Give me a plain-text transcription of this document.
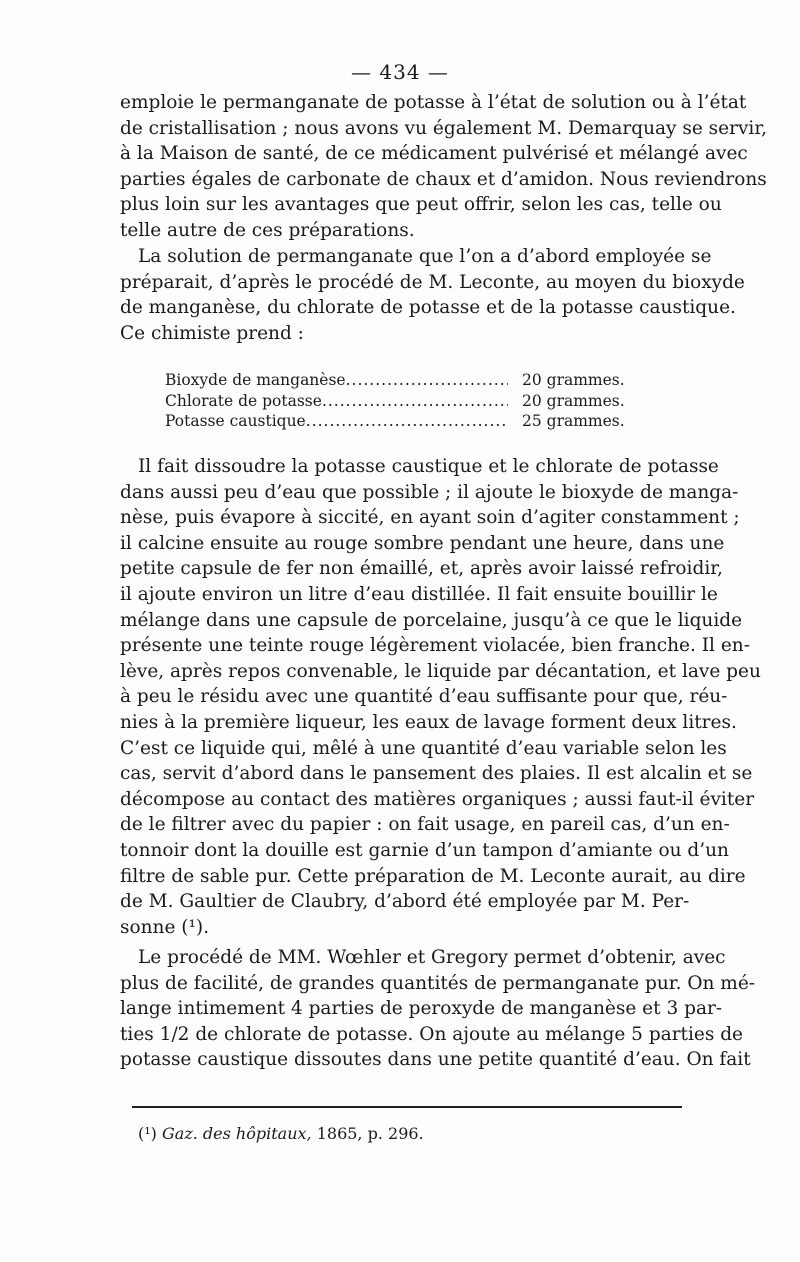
— 434 —
emploie le permanganate de potasse à l’état de solution ou à l’état
de cristallisation ; nous avons vu également M. Demarquay se servir,
à la Maison de santé, de ce médicament pulvérisé et mélangé avec
parties égales de carbonate de chaux et d’amidon. Nous reviendrons
plus loin sur les avantages que peut offrir, selon les cas, telle ou
telle autre de ces préparations.
La solution de permanganate que l’on a d’abord employée se
préparait, d’après le procédé de M. Leconte, au moyen du bioxyde
de manganèse, du chlorate de potasse et de la potasse caustique.
Ce chimiste prend :
Bioxyde de manganèse .....	20 grammes.
Chlorate de potasse .....	20 grammes.
Potasse caustique .....	25 grammes.
Il fait dissoudre la potasse caustique et le chlorate de potasse
dans aussi peu d’eau que possible ; il ajoute le bioxyde de manga-
nèse, puis évapore à siccité, en ayant soin d’agiter constamment ;
il calcine ensuite au rouge sombre pendant une heure, dans une
petite capsule de fer non émaillé, et, après avoir laissé refroidir,
il ajoute environ un litre d’eau distillée. Il fait ensuite bouillir le
mélange dans une capsule de porcelaine, jusqu’à ce que le liquide
présente une teinte rouge légèrement violacée, bien franche. Il en-
lève, après repos convenable, le liquide par décantation, et lave peu
à peu le résidu avec une quantité d’eau suffisante pour que, réu-
nies à la première liqueur, les eaux de lavage forment deux litres.
C’est ce liquide qui, mêlé à une quantité d’eau variable selon les
cas, servit d’abord dans le pansement des plaies. Il est alcalin et se
décompose au contact des matières organiques ; aussi faut-il éviter
de le filtrer avec du papier : on fait usage, en pareil cas, d’un en-
tonnoir dont la douille est garnie d’un tampon d’amiante ou d’un
filtre de sable pur. Cette préparation de M. Leconte aurait, au dire
de M. Gaultier de Claubry, d’abord été employée par M. Per-
sonne (¹).
Le procédé de MM. Wœhler et Gregory permet d’obtenir, avec
plus de facilité, de grandes quantités de permanganate pur. On mé-
lange intimement 4 parties de peroxyde de manganèse et 3 par-
ties 1/2 de chlorate de potasse. On ajoute au mélange 5 parties de
potasse caustique dissoutes dans une petite quantité d’eau. On fait
(¹) Gaz. des hôpitaux, 1865, p. 296.
